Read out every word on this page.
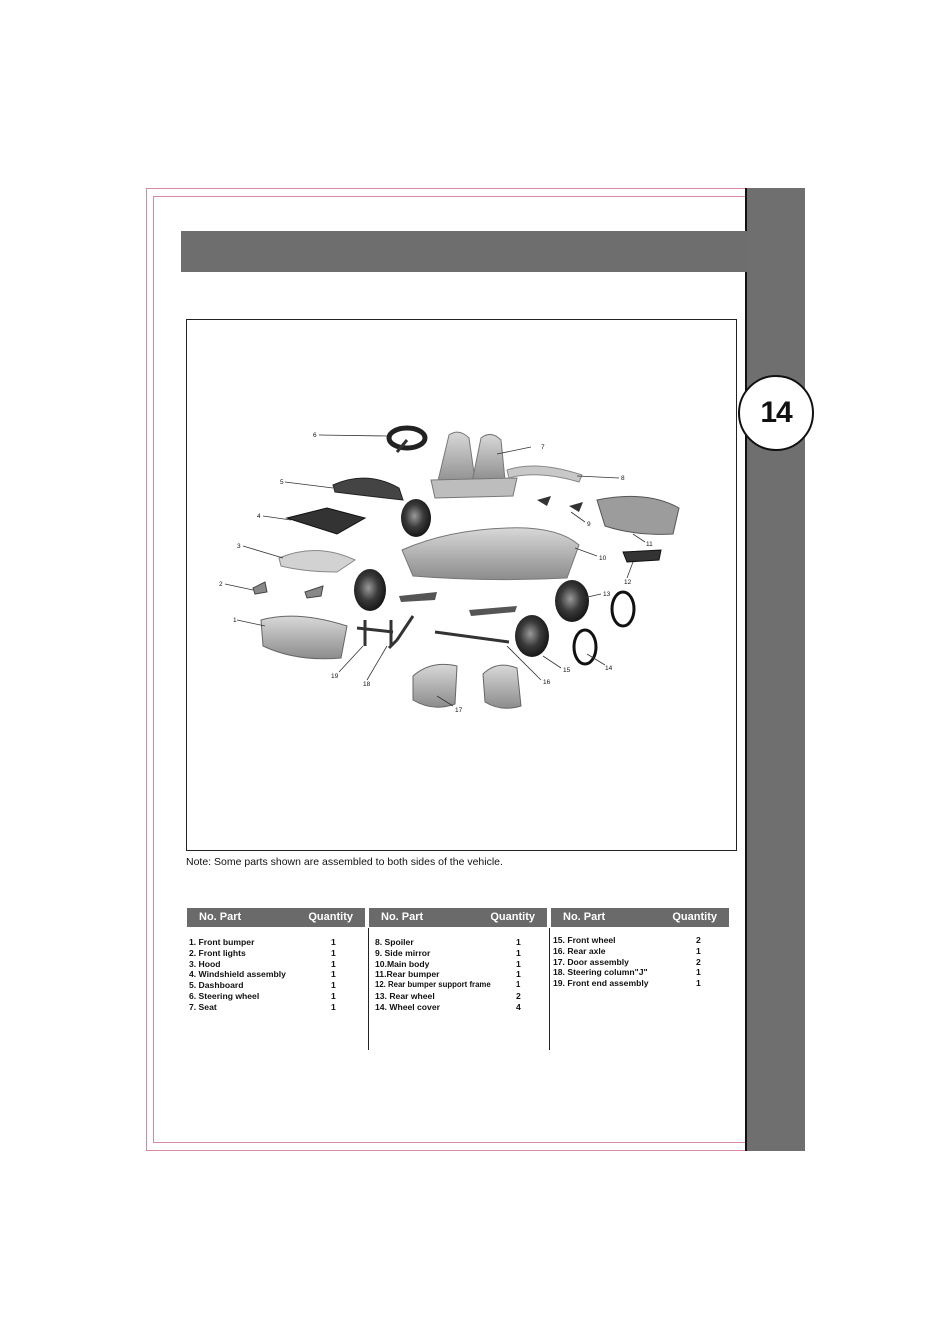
14
1
2
3
4
5
6
7
8
9
10
11
12
13
14
15
16
17
18
19
Note: Some parts shown are assembled to both sides of the vehicle.
No. Part	Quantity
1. Front bumper	1
2. Front lights	1
3. Hood	1
4. Windshield assembly	1
5. Dashboard	1
6. Steering wheel	1
7. Seat	1
No. Part	Quantity
8. Spoiler	1
9. Side mirror	1
10.Main body	1
11.Rear bumper	1
12. Rear bumper support frame	1
13. Rear wheel	2
14. Wheel cover	4
No. Part	Quantity
15. Front wheel	2
16. Rear axle	1
17. Door assembly	2
18. Steering column"J"	1
19. Front end assembly	1
